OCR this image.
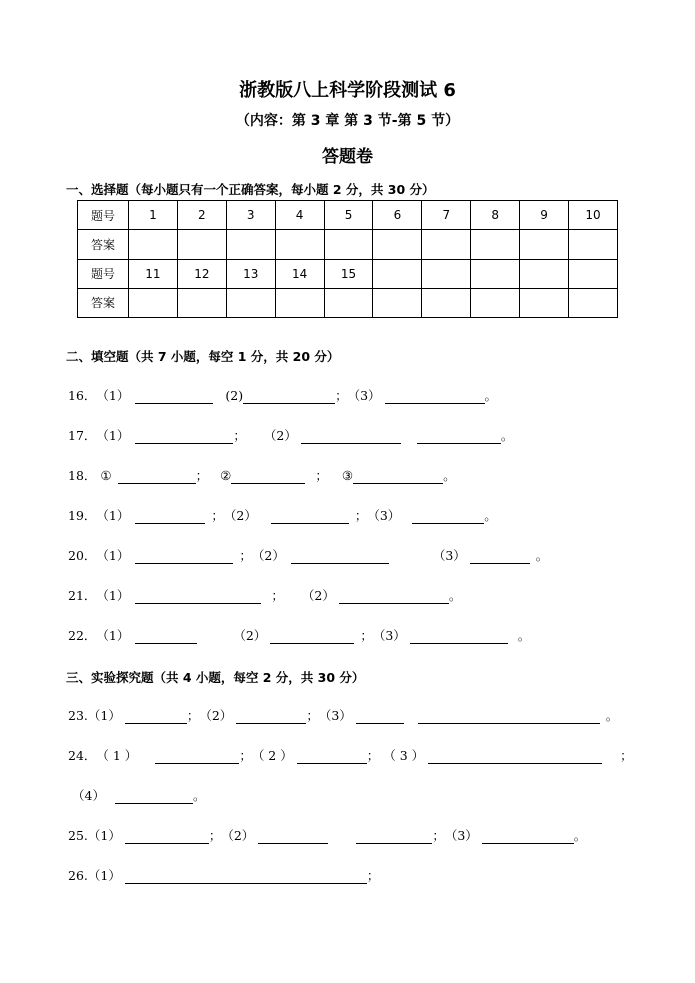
浙教版八上科学阶段测试 6
（内容：第 3 章 第 3 节-第 5 节）
答题卷
一、选择题（每小题只有一个正确答案，每小题 2 分，共 30 分）
题号	1	2	3	4	5	6	7	8	9	10
答案										
题号	11	12	13	14	15					
答案										
二、填空题（共 7 小题，每空 1 分，共 20 分）
16．（1）	(2)	；（3）	。
17．（1）	； （2）	。
18． ①	； ②	； ③	。
19．（1）	；（2）	；（3）	。
20．（1）	；（2）	（3）	。
21．（1）	； （2）	。
22．（1）	（2）	；（3）	。
三、实验探究题（共 4 小题，每空 2 分，共 30 分）
23.（1）	；（2）	；（3）	。
24．（ 1 ）	；（ 2 ）	； （ 3 ）	；
（4）	。
25.（1）	；（2）	；（3）	。
26.（1）	；
